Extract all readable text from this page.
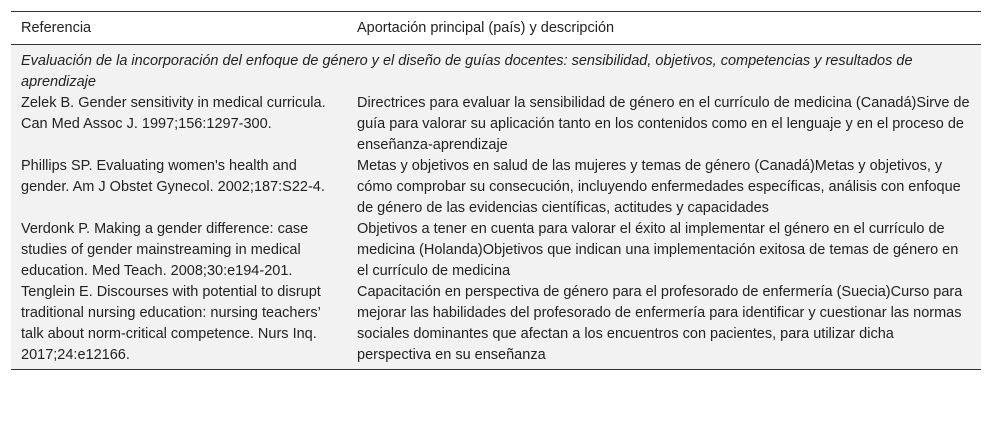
Referencia	Aportación principal (país) y descripción
Evaluación de la incorporación del enfoque de género y el diseño de guías docentes: sensibilidad, objetivos, competencias y resultados de aprendizaje	
Zelek B. Gender sensitivity in medical curricula. Can Med Assoc J. 1997;156:1297-300.	Directrices para evaluar la sensibilidad de género en el currículo de medicina (Canadá)Sirve de guía para valorar su aplicación tanto en los contenidos como en el lenguaje y en el proceso de enseñanza-aprendizaje
Phillips SP. Evaluating women's health and gender. Am J Obstet Gynecol. 2002;187:S22-4.	Metas y objetivos en salud de las mujeres y temas de género (Canadá)Metas y objetivos, y cómo comprobar su consecución, incluyendo enfermedades específicas, análisis con enfoque de género de las evidencias científicas, actitudes y capacidades
Verdonk P. Making a gender difference: case studies of gender mainstreaming in medical education. Med Teach. 2008;30:e194-201.	Objetivos a tener en cuenta para valorar el éxito al implementar el género en el currículo de medicina (Holanda)Objetivos que indican una implementación exitosa de temas de género en el currículo de medicina
Tenglein E. Discourses with potential to disrupt traditional nursing education: nursing teachers’ talk about norm-critical competence. Nurs Inq. 2017;24:e12166.	Capacitación en perspectiva de género para el profesorado de enfermería (Suecia)Curso para mejorar las habilidades del profesorado de enfermería para identificar y cuestionar las normas sociales dominantes que afectan a los encuentros con pacientes, para utilizar dicha perspectiva en su enseñanza
